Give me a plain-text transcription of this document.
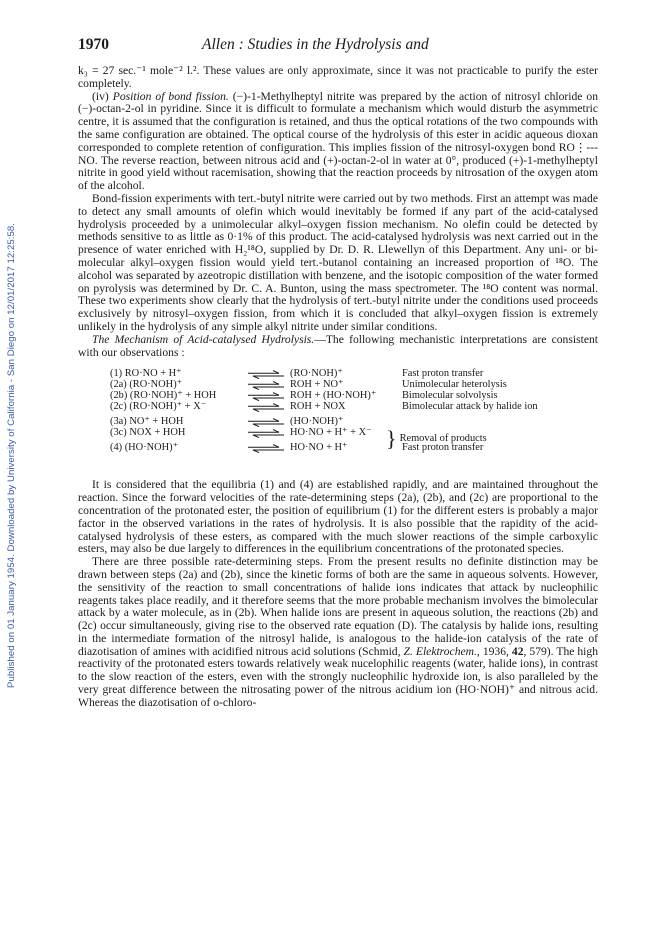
Published on 01 January 1954. Downloaded by University of California - San Diego on 12/01/2017 12:25:58.
1970	Allen : Studies in the Hydrolysis and

k₃ = 27 sec.⁻¹ mole⁻² l.². These values are only approximate, since it was not practicable to purify the ester completely.

(iv) Position of bond fission. (−)-1-Methylheptyl nitrite was prepared by the action of nitrosyl chloride on (−)-octan-2-ol in pyridine. Since it is difficult to formulate a mechanism which would disturb the asymmetric centre, it is assumed that the configuration is retained, and thus the optical rotations of the two compounds with the same configuration are obtained. The optical course of the hydrolysis of this ester in acidic aqueous dioxan corresponded to complete retention of configuration. This implies fission of the nitrosyl-oxygen bond RO⋮---NO. The reverse reaction, between nitrous acid and (+)-octan-2-ol in water at 0°, produced (+)-1-methylheptyl nitrite in good yield without racemisation, showing that the reaction proceeds by nitrosation of the oxygen atom of the alcohol.

Bond-fission experiments with tert.-butyl nitrite were carried out by two methods. First an attempt was made to detect any small amounts of olefin which would inevitably be formed if any part of the acid-catalysed hydrolysis proceeded by a unimolecular alkyl–oxygen fission mechanism. No olefin could be detected by methods sensitive to as little as 0·1% of this product. The acid-catalysed hydrolysis was next carried out in the presence of water enriched with H₂¹⁸O, supplied by Dr. D. R. Llewellyn of this Department. Any uni- or bi-molecular alkyl–oxygen fission would yield tert.-butanol containing an increased proportion of ¹⁸O. The alcohol was separated by azeotropic distillation with benzene, and the isotopic composition of the water formed on pyrolysis was determined by Dr. C. A. Bunton, using the mass spectrometer. The ¹⁸O content was normal. These two experiments show clearly that the hydrolysis of tert.-butyl nitrite under the conditions used proceeds exclusively by nitrosyl–oxygen fission, from which it is concluded that alkyl–oxygen fission is extremely unlikely in the hydrolysis of any simple alkyl nitrite under similar conditions.

The Mechanism of Acid-catalysed Hydrolysis.—The following mechanistic interpretations are consistent with our observations :

(1) RO·NO + H⁺	⇌ (RO·NOH)⁺	Fast proton transfer
(2a) (RO·NOH)⁺	⇌ ROH + NO⁺	Unimolecular heterolysis
(2b) (RO·NOH)⁺ + HOH	⇌ ROH + (HO·NOH)⁺ Bimolecular solvolysis
(2c) (RO·NOH)⁺ + X⁻	⇌ ROH + NOX	Bimolecular attack by halide ion
(3a) NO⁺ + HOH	⇌ (HO·NOH)⁺
(3c) NOX + HOH	⇌ HO·NO + H⁺ + X⁻ } Removal of products
(4) (HO·NOH)⁺	⇌ HO·NO + H⁺	Fast proton transfer

It is considered that the equilibria (1) and (4) are established rapidly, and are maintained throughout the reaction. Since the forward velocities of the rate-determining steps (2a), (2b), and (2c) are proportional to the concentration of the protonated ester, the position of equilibrium (1) for the different esters is probably a major factor in the observed variations in the rates of hydrolysis. It is also possible that the rapidity of the acid-catalysed hydrolysis of these esters, as compared with the much slower reactions of the simple carboxylic esters, may also be due largely to differences in the equilibrium concentrations of the protonated species.

There are three possible rate-determining steps. From the present results no definite distinction may be drawn between steps (2a) and (2b), since the kinetic forms of both are the same in aqueous solvents. However, the sensitivity of the reaction to small concentrations of halide ions indicates that attack by nucleophilic reagents takes place readily, and it therefore seems that the more probable mechanism involves the bimolecular attack by a water molecule, as in (2b). When halide ions are present in aqueous solution, the reactions (2b) and (2c) occur simultaneously, giving rise to the observed rate equation (D). The catalysis by halide ions, resulting in the intermediate formation of the nitrosyl halide, is analogous to the halide-ion catalysis of the rate of diazotisation of amines with acidified nitrous acid solutions (Schmid, Z. Elektrochem., 1936, 42, 579). The high reactivity of the protonated esters towards relatively weak nucelophilic reagents (water, halide ions), in contrast to the slow reaction of the esters, even with the strongly nucleophilic hydroxide ion, is also paralleled by the very great difference between the nitrosating power of the nitrous acidium ion (HO·NOH)⁺ and nitrous acid. Whereas the diazotisation of o-chloro-
